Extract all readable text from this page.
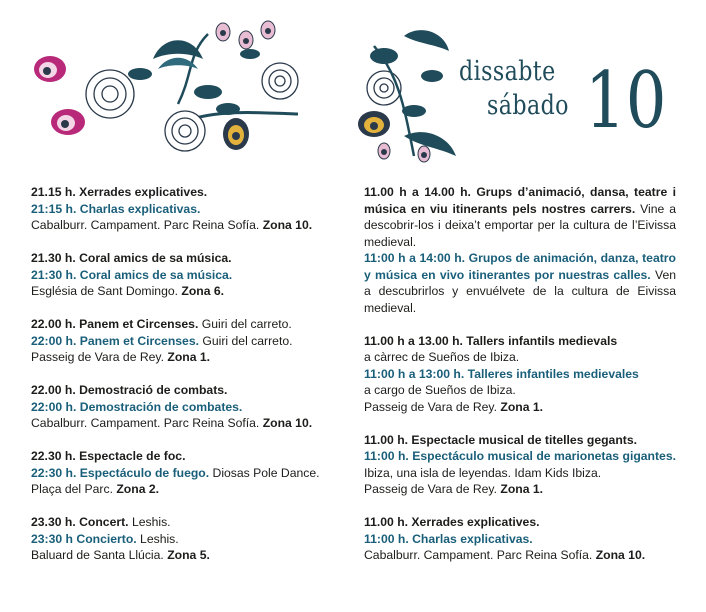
dissabte
sábado 10
21.15 h. Xerrades explicatives.
21:15 h. Charlas explicativas.
Cabalburr. Campament. Parc Reina Sofía. Zona 10.
21.30 h. Coral amics de sa música.
21:30 h. Coral amics de sa música.
Església de Sant Domingo. Zona 6.
22.00 h. Panem et Circenses. Guiri del carreto.
22:00 h. Panem et Circenses. Guiri del carreto.
Passeig de Vara de Rey. Zona 1.
22.00 h. Demostració de combats.
22:00 h. Demostración de combates.
Cabalburr. Campament. Parc Reina Sofía. Zona 10.
22.30 h. Espectacle de foc.
22:30 h. Espectáculo de fuego. Diosas Pole Dance.
Plaça del Parc. Zona 2.
23.30 h. Concert. Leshis.
23:30 h Concierto. Leshis.
Baluard de Santa Llúcia. Zona 5.
11.00 h a 14.00 h. Grups d’animació, dansa, teatre i música en viu itinerants pels nostres carrers. Vine a descobrir-los i deixa’t emportar per la cultura de l’Eivissa medieval.
11:00 h a 14:00 h. Grupos de animación, danza, teatro y música en vivo itinerantes por nuestras calles. Ven a descubrirlos y envuélvete de la cultura de Eivissa medieval.
11.00 h a 13.00 h. Tallers infantils medievals
a càrrec de Sueños de Ibiza.
11:00 h a 13:00 h. Talleres infantiles medievales
a cargo de Sueños de Ibiza.
Passeig de Vara de Rey. Zona 1.
11.00 h. Espectacle musical de titelles gegants.
11:00 h. Espectáculo musical de marionetas gigantes. Ibiza, una isla de leyendas. Idam Kids Ibiza.
Passeig de Vara de Rey. Zona 1.
11.00 h. Xerrades explicatives.
11:00 h. Charlas explicativas.
Cabalburr. Campament. Parc Reina Sofía. Zona 10.
